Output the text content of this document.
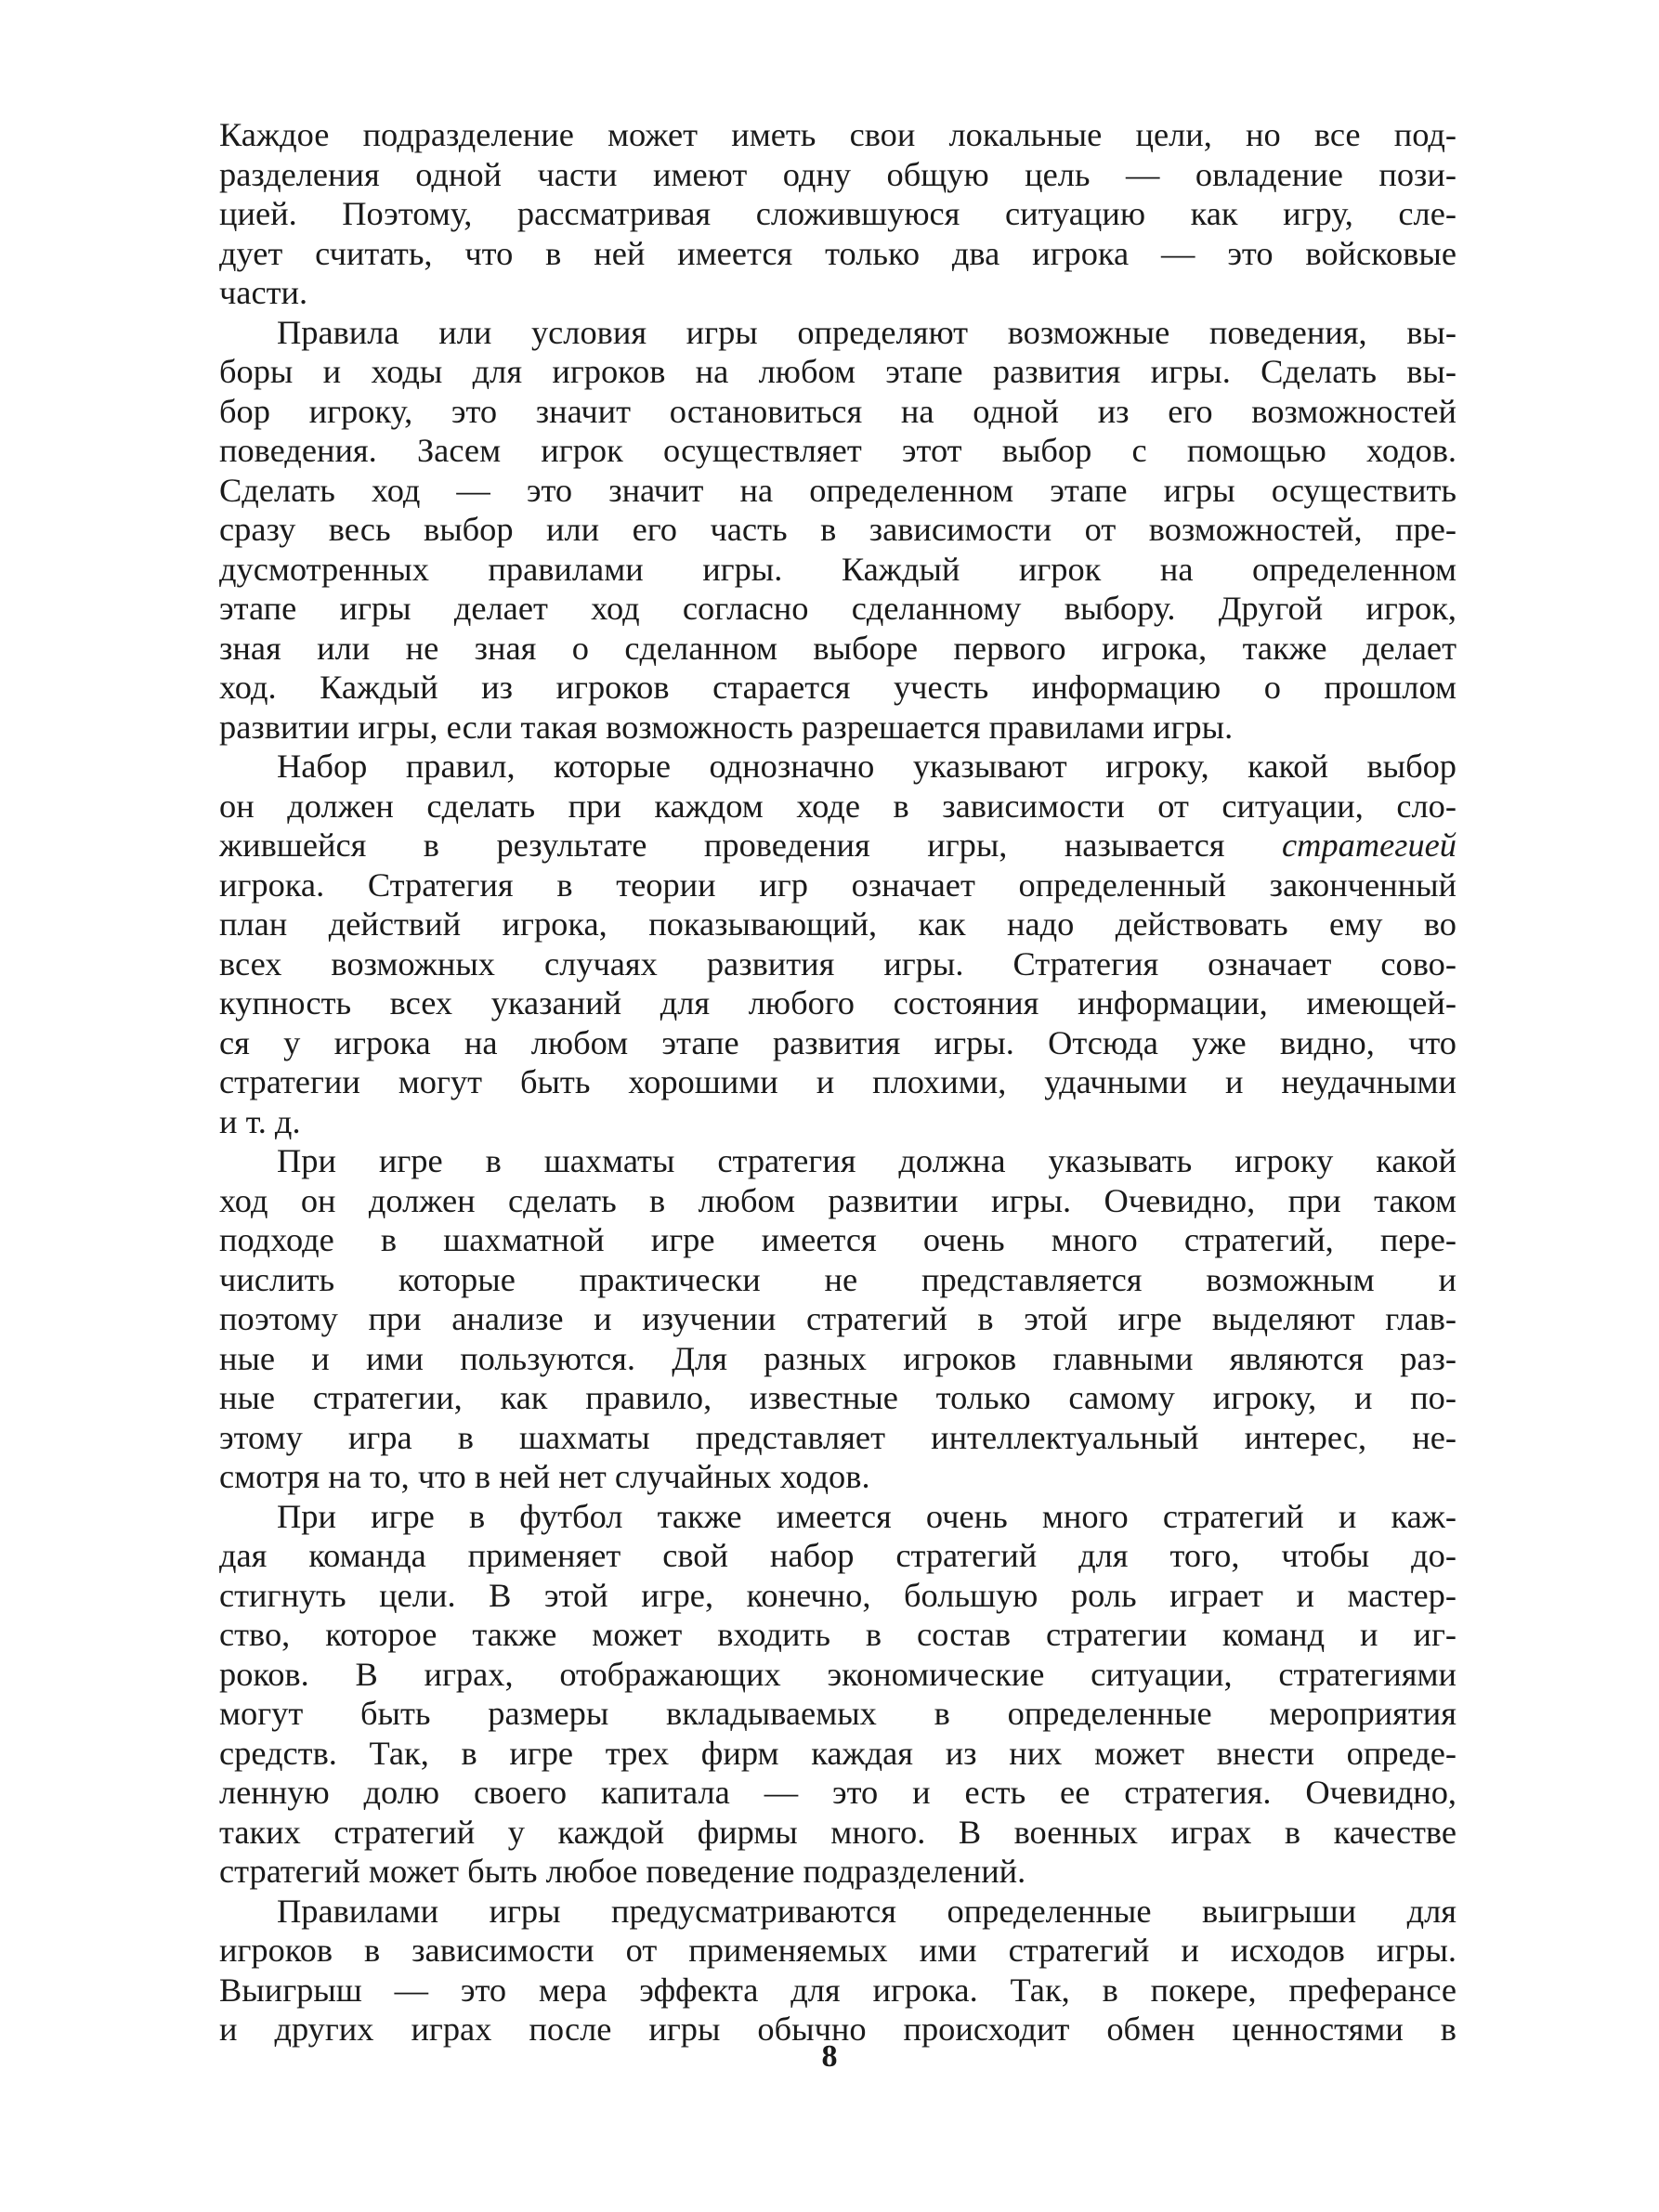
Каждое подразделение может иметь свои локальные цели, но все под-
разделения одной части имеют одну общую цель — овладение пози-
цией. Поэтому, рассматривая сложившуюся ситуацию как игру, сле-
дует считать, что в ней имеется только два игрока — это войсковые
части.
Правила или условия игры определяют возможные поведения, вы-
боры и ходы для игроков на любом этапе развития игры. Сделать вы-
бор игроку, это значит остановиться на одной из его возможностей
поведения. Засем игрок осуществляет этот выбор с помощью ходов.
Сделать ход — это значит на определенном этапе игры осуществить
сразу весь выбор или его часть в зависимости от возможностей, пре-
дусмотренных правилами игры. Каждый игрок на определенном
этапе игры делает ход согласно сделанному выбору. Другой игрок,
зная или не зная о сделанном выборе первого игрока, также делает
ход. Каждый из игроков старается учесть информацию о прошлом
развитии игры, если такая возможность разрешается правилами игры.
Набор правил, которые однозначно указывают игроку, какой выбор
он должен сделать при каждом ходе в зависимости от ситуации, сло-
жившейся в результате проведения игры, называется стратегией
игрока. Стратегия в теории игр означает определенный законченный
план действий игрока, показывающий, как надо действовать ему во
всех возможных случаях развития игры. Стратегия означает сово-
купность всех указаний для любого состояния информации, имеющей-
ся у игрока на любом этапе развития игры. Отсюда уже видно, что
стратегии могут быть хорошими и плохими, удачными и неудачными
и т. д.
При игре в шахматы стратегия должна указывать игроку какой
ход он должен сделать в любом развитии игры. Очевидно, при таком
подходе в шахматной игре имеется очень много стратегий, пере-
числить которые практически не представляется возможным и
поэтому при анализе и изучении стратегий в этой игре выделяют глав-
ные и ими пользуются. Для разных игроков главными являются раз-
ные стратегии, как правило, известные только самому игроку, и по-
этому игра в шахматы представляет интеллектуальный интерес, не-
смотря на то, что в ней нет случайных ходов.
При игре в футбол также имеется очень много стратегий и каж-
дая команда применяет свой набор стратегий для того, чтобы до-
стигнуть цели. В этой игре, конечно, большую роль играет и мастер-
ство, которое также может входить в состав стратегии команд и иг-
роков. В играх, отображающих экономические ситуации, стратегиями
могут быть размеры вкладываемых в определенные мероприятия
средств. Так, в игре трех фирм каждая из них может внести опреде-
ленную долю своего капитала — это и есть ее стратегия. Очевидно,
таких стратегий у каждой фирмы много. В военных играх в качестве
стратегий может быть любое поведение подразделений.
Правилами игры предусматриваются определенные выигрыши для
игроков в зависимости от применяемых ими стратегий и исходов игры.
Выигрыш — это мера эффекта для игрока. Так, в покере, преферансе
и других играх после игры обычно происходит обмен ценностями в
8
